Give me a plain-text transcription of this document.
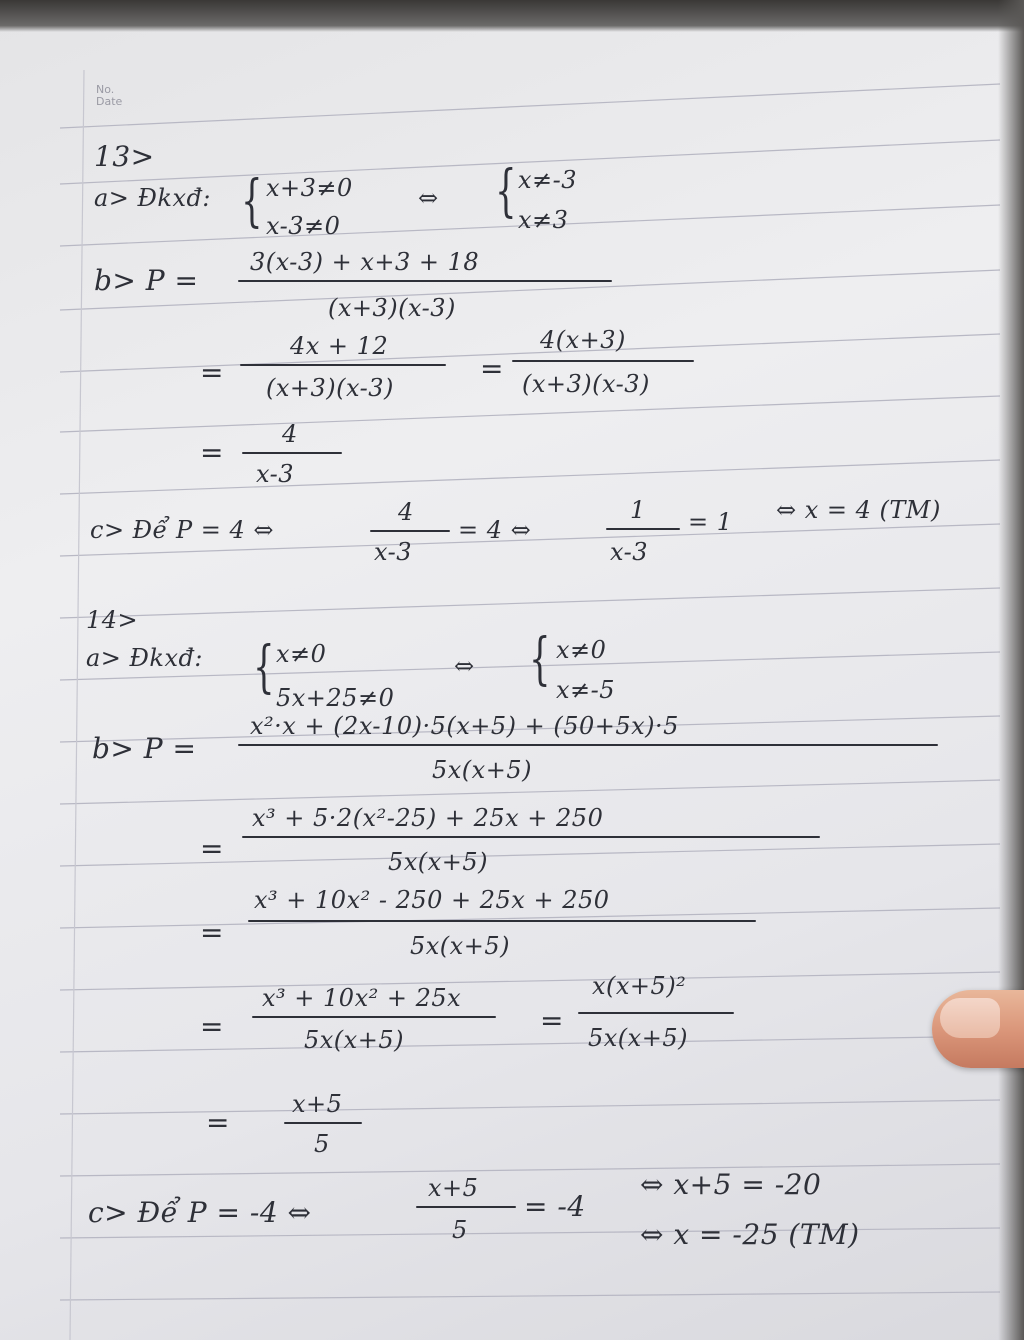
No.
Date
13>
a> Đkxđ: { x+3≠0
x-3≠0
⇔ { x≠-3
x≠3
b> P =
3(x-3) + x+3 + 18
(x+3)(x-3)
=
4x + 12
(x+3)(x-3)
=
4(x+3)
(x+3)(x-3)
=
4
x-3
c> Để P = 4 ⇔
4
x-3
= 4 ⇔
1
x-3
= 1 ⇔ x = 4 (TM)
14>
a> Đkxđ: { x≠0
5x+25≠0
⇔ { x≠0
x≠-5
b> P =
x²·x + (2x-10)·5(x+5) + (50+5x)·5
5x(x+5)
=
x³ + 5·2(x²-25) + 25x + 250
5x(x+5)
=
x³ + 10x² - 250 + 25x + 250
5x(x+5)
=
x³ + 10x² + 25x
5x(x+5)
=
x(x+5)²
5x(x+5)
=
x+5
5
c> Để P = -4 ⇔
x+5
5
= -4
⇔ x+5 = -20
⇔ x = -25 (TM)
